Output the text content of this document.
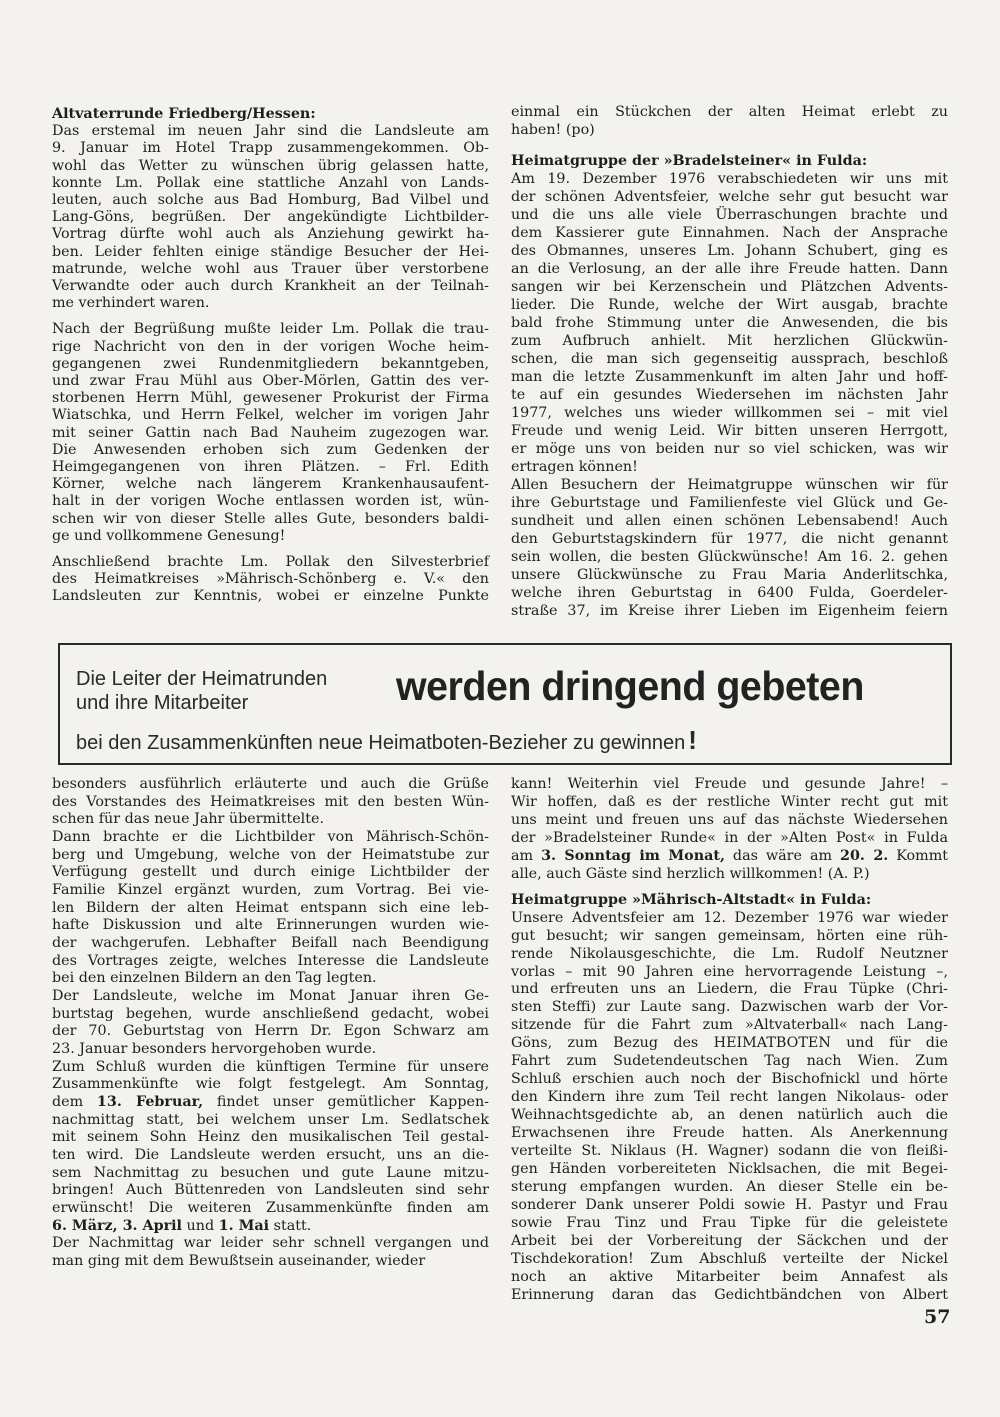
Altvaterrunde Friedberg/Hessen:
Das erstemal im neuen Jahr sind die Landsleute am
9. Januar im Hotel Trapp zusammengekommen. Ob-
wohl das Wetter zu wünschen übrig gelassen hatte,
konnte Lm. Pollak eine stattliche Anzahl von Lands-
leuten, auch solche aus Bad Homburg, Bad Vilbel und
Lang-Göns, begrüßen. Der angekündigte Lichtbilder-
Vortrag dürfte wohl auch als Anziehung gewirkt ha-
ben. Leider fehlten einige ständige Besucher der Hei-
matrunde, welche wohl aus Trauer über verstorbene
Verwandte oder auch durch Krankheit an der Teilnah-
me verhindert waren.
Nach der Begrüßung mußte leider Lm. Pollak die trau-
rige Nachricht von den in der vorigen Woche heim-
gegangenen zwei Rundenmitgliedern bekanntgeben,
und zwar Frau Mühl aus Ober-Mörlen, Gattin des ver-
storbenen Herrn Mühl, gewesener Prokurist der Firma
Wiatschka, und Herrn Felkel, welcher im vorigen Jahr
mit seiner Gattin nach Bad Nauheim zugezogen war.
Die Anwesenden erhoben sich zum Gedenken der
Heimgegangenen von ihren Plätzen. – Frl. Edith
Körner, welche nach längerem Krankenhausaufent-
halt in der vorigen Woche entlassen worden ist, wün-
schen wir von dieser Stelle alles Gute, besonders baldi-
ge und vollkommene Genesung!
Anschließend brachte Lm. Pollak den Silvesterbrief
des Heimatkreises »Mährisch-Schönberg e. V.« den
Landsleuten zur Kenntnis, wobei er einzelne Punkte
einmal ein Stückchen der alten Heimat erlebt zu
haben! (po)
Heimatgruppe der »Bradelsteiner« in Fulda:
Am 19. Dezember 1976 verabschiedeten wir uns mit
der schönen Adventsfeier, welche sehr gut besucht war
und die uns alle viele Überraschungen brachte und
dem Kassierer gute Einnahmen. Nach der Ansprache
des Obmannes, unseres Lm. Johann Schubert, ging es
an die Verlosung, an der alle ihre Freude hatten. Dann
sangen wir bei Kerzenschein und Plätzchen Advents-
lieder. Die Runde, welche der Wirt ausgab, brachte
bald frohe Stimmung unter die Anwesenden, die bis
zum Aufbruch anhielt. Mit herzlichen Glückwün-
schen, die man sich gegenseitig aussprach, beschloß
man die letzte Zusammenkunft im alten Jahr und hoff-
te auf ein gesundes Wiedersehen im nächsten Jahr
1977, welches uns wieder willkommen sei – mit viel
Freude und wenig Leid. Wir bitten unseren Herrgott,
er möge uns von beiden nur so viel schicken, was wir
ertragen können!
Allen Besuchern der Heimatgruppe wünschen wir für
ihre Geburtstage und Familienfeste viel Glück und Ge-
sundheit und allen einen schönen Lebensabend! Auch
den Geburtstagskindern für 1977, die nicht genannt
sein wollen, die besten Glückwünsche! Am 16. 2. gehen
unsere Glückwünsche zu Frau Maria Anderlitschka,
welche ihren Geburtstag in 6400 Fulda, Goerdeler-
straße 37, im Kreise ihrer Lieben im Eigenheim feiern
Die Leiter der Heimatrunden
und ihre Mitarbeiter	werden dringend gebeten
bei den Zusammenkünften neue Heimatboten-Bezieher zu gewinnen !
besonders ausführlich erläuterte und auch die Grüße
des Vorstandes des Heimatkreises mit den besten Wün-
schen für das neue Jahr übermittelte.
Dann brachte er die Lichtbilder von Mährisch-Schön-
berg und Umgebung, welche von der Heimatstube zur
Verfügung gestellt und durch einige Lichtbilder der
Familie Kinzel ergänzt wurden, zum Vortrag. Bei vie-
len Bildern der alten Heimat entspann sich eine leb-
hafte Diskussion und alte Erinnerungen wurden wie-
der wachgerufen. Lebhafter Beifall nach Beendigung
des Vortrages zeigte, welches Interesse die Landsleute
bei den einzelnen Bildern an den Tag legten.
Der Landsleute, welche im Monat Januar ihren Ge-
burtstag begehen, wurde anschließend gedacht, wobei
der 70. Geburtstag von Herrn Dr. Egon Schwarz am
23. Januar besonders hervorgehoben wurde.
Zum Schluß wurden die künftigen Termine für unsere
Zusammenkünfte wie folgt festgelegt. Am Sonntag,
dem 13. Februar, findet unser gemütlicher Kappen-
nachmittag statt, bei welchem unser Lm. Sedlatschek
mit seinem Sohn Heinz den musikalischen Teil gestal-
ten wird. Die Landsleute werden ersucht, uns an die-
sem Nachmittag zu besuchen und gute Laune mitzu-
bringen! Auch Büttenreden von Landsleuten sind sehr
erwünscht! Die weiteren Zusammenkünfte finden am
6. März, 3. April und 1. Mai statt.
Der Nachmittag war leider sehr schnell vergangen und
man ging mit dem Bewußtsein auseinander, wieder
kann! Weiterhin viel Freude und gesunde Jahre! –
Wir hoffen, daß es der restliche Winter recht gut mit
uns meint und freuen uns auf das nächste Wiedersehen
der »Bradelsteiner Runde« in der »Alten Post« in Fulda
am 3. Sonntag im Monat, das wäre am 20. 2. Kommt
alle, auch Gäste sind herzlich willkommen! (A. P.)
Heimatgruppe »Mährisch-Altstadt« in Fulda:
Unsere Adventsfeier am 12. Dezember 1976 war wieder
gut besucht; wir sangen gemeinsam, hörten eine rüh-
rende Nikolausgeschichte, die Lm. Rudolf Neutzner
vorlas – mit 90 Jahren eine hervorragende Leistung –,
und erfreuten uns an Liedern, die Frau Tüpke (Chri-
sten Steffi) zur Laute sang. Dazwischen warb der Vor-
sitzende für die Fahrt zum »Altvaterball« nach Lang-
Göns, zum Bezug des HEIMATBOTEN und für die
Fahrt zum Sudetendeutschen Tag nach Wien. Zum
Schluß erschien auch noch der Bischofnickl und hörte
den Kindern ihre zum Teil recht langen Nikolaus- oder
Weihnachtsgedichte ab, an denen natürlich auch die
Erwachsenen ihre Freude hatten. Als Anerkennung
verteilte St. Niklaus (H. Wagner) sodann die von fleißi-
gen Händen vorbereiteten Nicklsachen, die mit Begei-
sterung empfangen wurden. An dieser Stelle ein be-
sonderer Dank unserer Poldi sowie H. Pastyr und Frau
sowie Frau Tinz und Frau Tipke für die geleistete
Arbeit bei der Vorbereitung der Säckchen und der
Tischdekoration! Zum Abschluß verteilte der Nickel
noch an aktive Mitarbeiter beim Annafest als
Erinnerung daran das Gedichtbändchen von Albert
57
